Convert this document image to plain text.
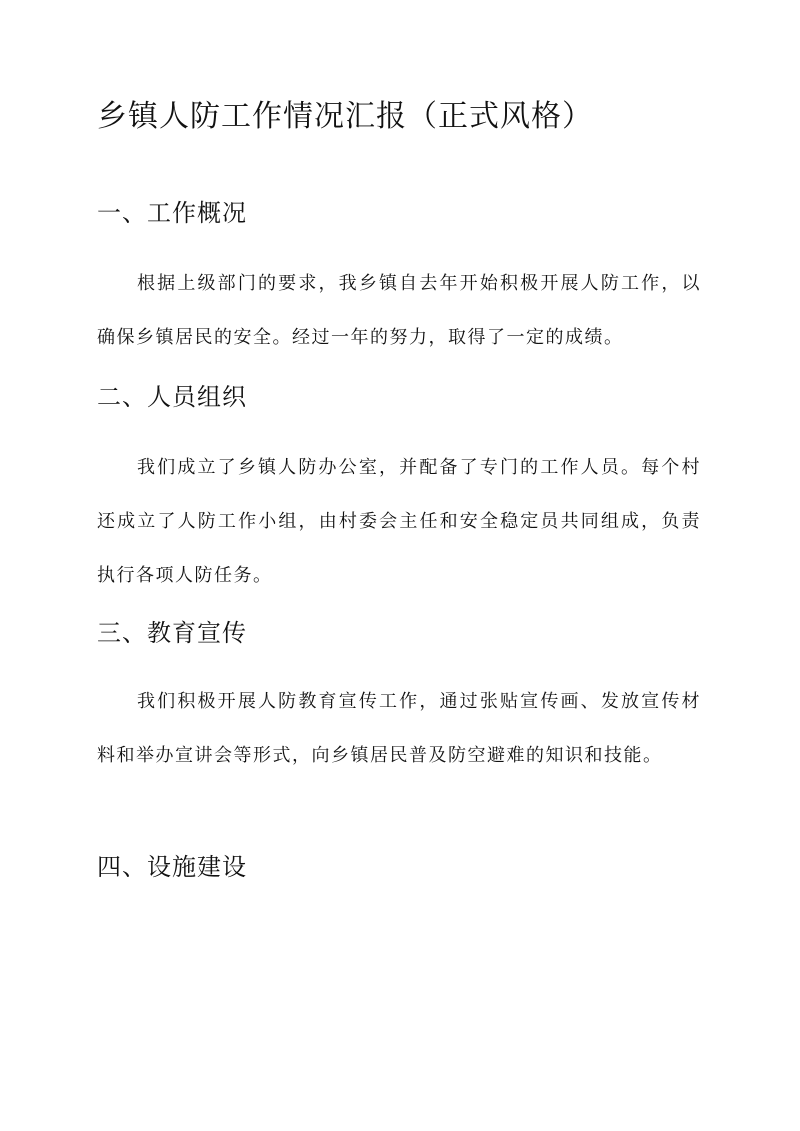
乡镇人防工作情况汇报（正式风格）
一、工作概况

根据上级部门的要求，我乡镇自去年开始积极开展人防工作，以确保乡镇居民的安全。经过一年的努力，取得了一定的成绩。

二、人员组织

我们成立了乡镇人防办公室，并配备了专门的工作人员。每个村还成立了人防工作小组，由村委会主任和安全稳定员共同组成，负责执行各项人防任务。

三、教育宣传

我们积极开展人防教育宣传工作，通过张贴宣传画、发放宣传材料和举办宣讲会等形式，向乡镇居民普及防空避难的知识和技能。

四、设施建设
